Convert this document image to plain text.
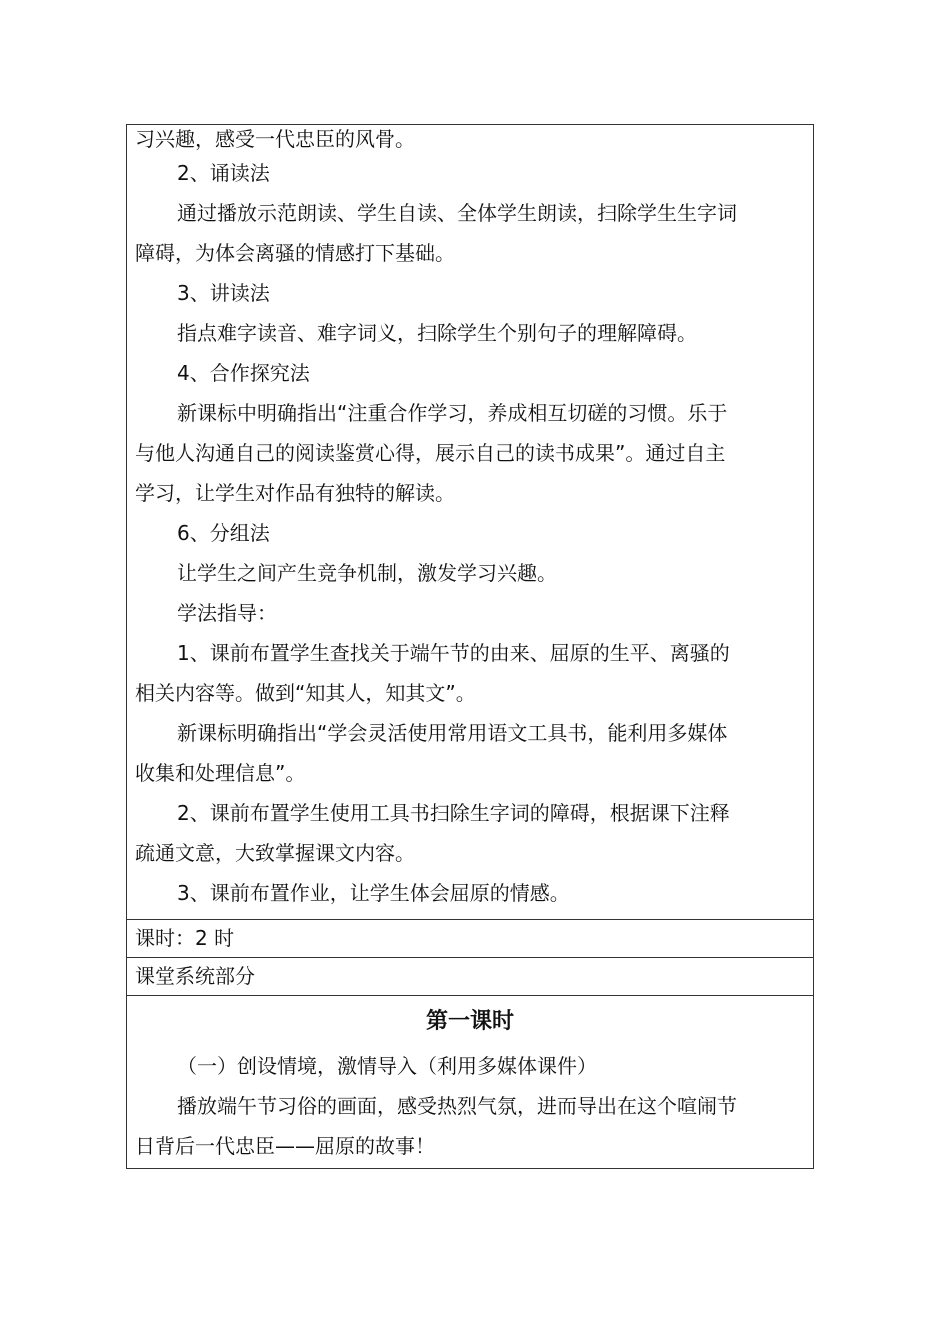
习兴趣，感受一代忠臣的风骨。
2、诵读法
通过播放示范朗读、学生自读、全体学生朗读，扫除学生生字词
障碍，为体会离骚的情感打下基础。
3、讲读法
指点难字读音、难字词义，扫除学生个别句子的理解障碍。
4、合作探究法
新课标中明确指出“注重合作学习，养成相互切磋的习惯。乐于
与他人沟通自己的阅读鉴赏心得，展示自己的读书成果”。通过自主
学习，让学生对作品有独特的解读。
6、分组法
让学生之间产生竞争机制，激发学习兴趣。
学法指导：
1、课前布置学生查找关于端午节的由来、屈原的生平、离骚的
相关内容等。做到“知其人，知其文”。
新课标明确指出“学会灵活使用常用语文工具书，能利用多媒体
收集和处理信息”。
2、课前布置学生使用工具书扫除生字词的障碍，根据课下注释
疏通文意，大致掌握课文内容。
3、课前布置作业，让学生体会屈原的情感。
课时：2 时
课堂系统部分
第一课时
（一）创设情境，激情导入（利用多媒体课件）
播放端午节习俗的画面，感受热烈气氛，进而导出在这个喧闹节
日背后一代忠臣——屈原的故事！
